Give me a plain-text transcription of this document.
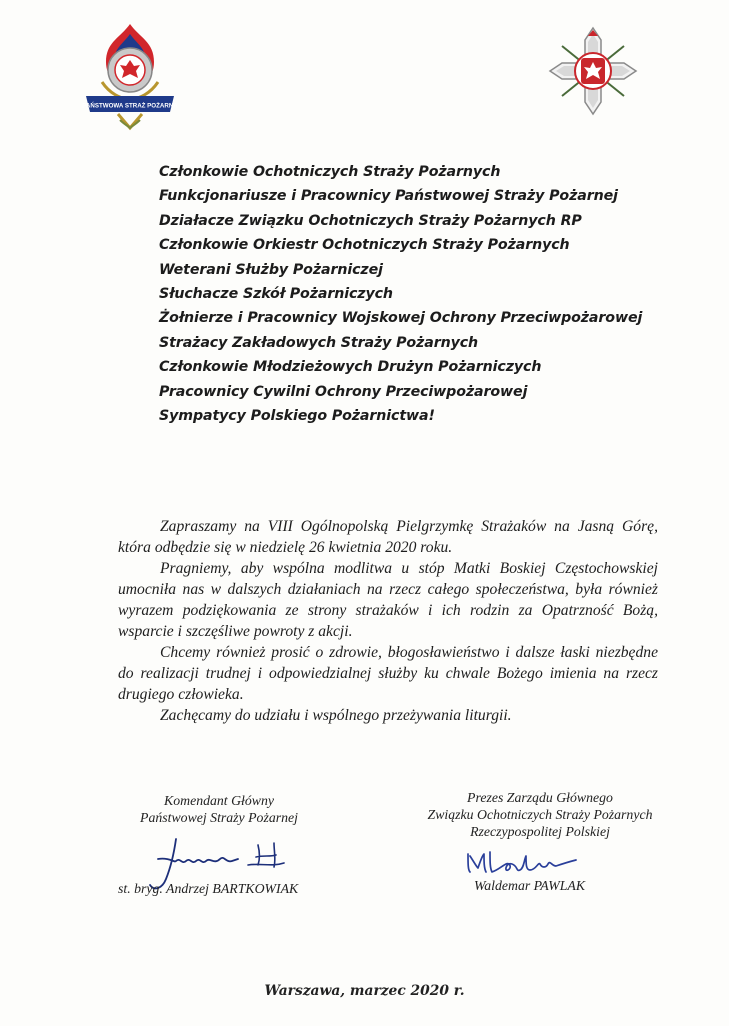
PAŃSTWOWA STRAŻ POŻARNA
Członkowie Ochotniczych Straży Pożarnych
Funkcjonariusze i Pracownicy Państwowej Straży Pożarnej
Działacze Związku Ochotniczych Straży Pożarnych RP
Członkowie Orkiestr Ochotniczych Straży Pożarnych
Weterani Służby Pożarniczej
Słuchacze Szkół Pożarniczych
Żołnierze i Pracownicy Wojskowej Ochrony Przeciwpożarowej
Strażacy Zakładowych Straży Pożarnych
Członkowie Młodzieżowych Drużyn Pożarniczych
Pracownicy Cywilni Ochrony Przeciwpożarowej
Sympatycy Polskiego Pożarnictwa!

Zapraszamy na VIII Ogólnopolską Pielgrzymkę Strażaków na Jasną Górę, która odbędzie się w niedzielę 26 kwietnia 2020 roku.

Pragniemy, aby wspólna modlitwa u stóp Matki Boskiej Częstochowskiej umocniła nas w dalszych działaniach na rzecz całego społeczeństwa, była również wyrazem podziękowania ze strony strażaków i ich rodzin za Opatrzność Bożą, wsparcie i szczęśliwe powroty z akcji.

Chcemy również prosić o zdrowie, błogosławieństwo i dalsze łaski niezbędne do realizacji trudnej i odpowiedzialnej służby ku chwale Bożego imienia na rzecz drugiego człowieka.

Zachęcamy do udziału i wspólnego przeżywania liturgii.

Komendant Główny
Państwowej Straży Pożarnej
st. bryg. Andrzej BARTKOWIAK
Prezes Zarządu Głównego
Związku Ochotniczych Straży Pożarnych
Rzeczypospolitej Polskiej
Waldemar PAWLAK
Warszawa, marzec 2020 r.
